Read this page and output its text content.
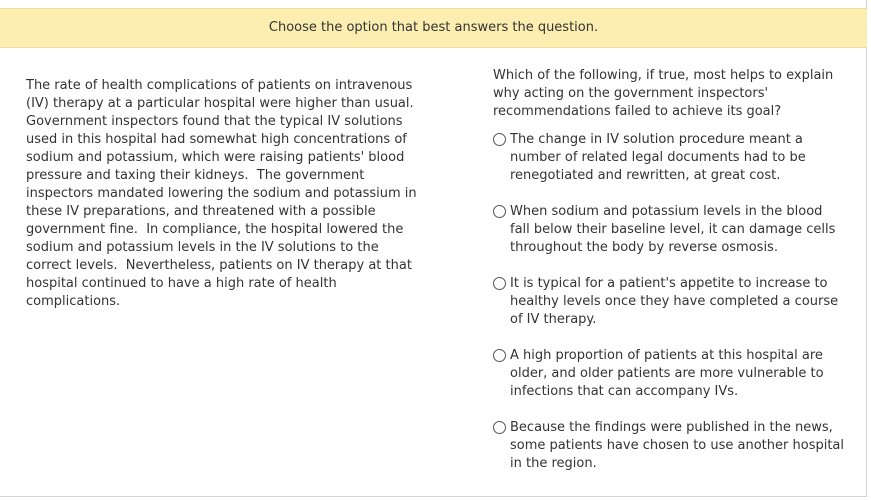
Choose the option that best answers the question.
The rate of health complications of patients on intravenous (IV) therapy at a particular hospital were higher than usual.  Government inspectors found that the typical IV solutions used in this hospital had somewhat high concentrations of sodium and potassium, which were raising patients' blood pressure and taxing their kidneys.  The government inspectors mandated lowering the sodium and potassium in these IV preparations, and threatened with a possible government fine.  In compliance, the hospital lowered the sodium and potassium levels in the IV solutions to the correct levels.  Nevertheless, patients on IV therapy at that hospital continued to have a high rate of health complications.
Which of the following, if true, most helps to explain why acting on the government inspectors' recommendations failed to achieve its goal?
The change in IV solution procedure meant a number of related legal documents had to be renegotiated and rewritten, at great cost.
When sodium and potassium levels in the blood fall below their baseline level, it can damage cells throughout the body by reverse osmosis.
It is typical for a patient's appetite to increase to healthy levels once they have completed a course of IV therapy.
A high proportion of patients at this hospital are older, and older patients are more vulnerable to infections that can accompany IVs.
Because the findings were published in the news, some patients have chosen to use another hospital in the region.
